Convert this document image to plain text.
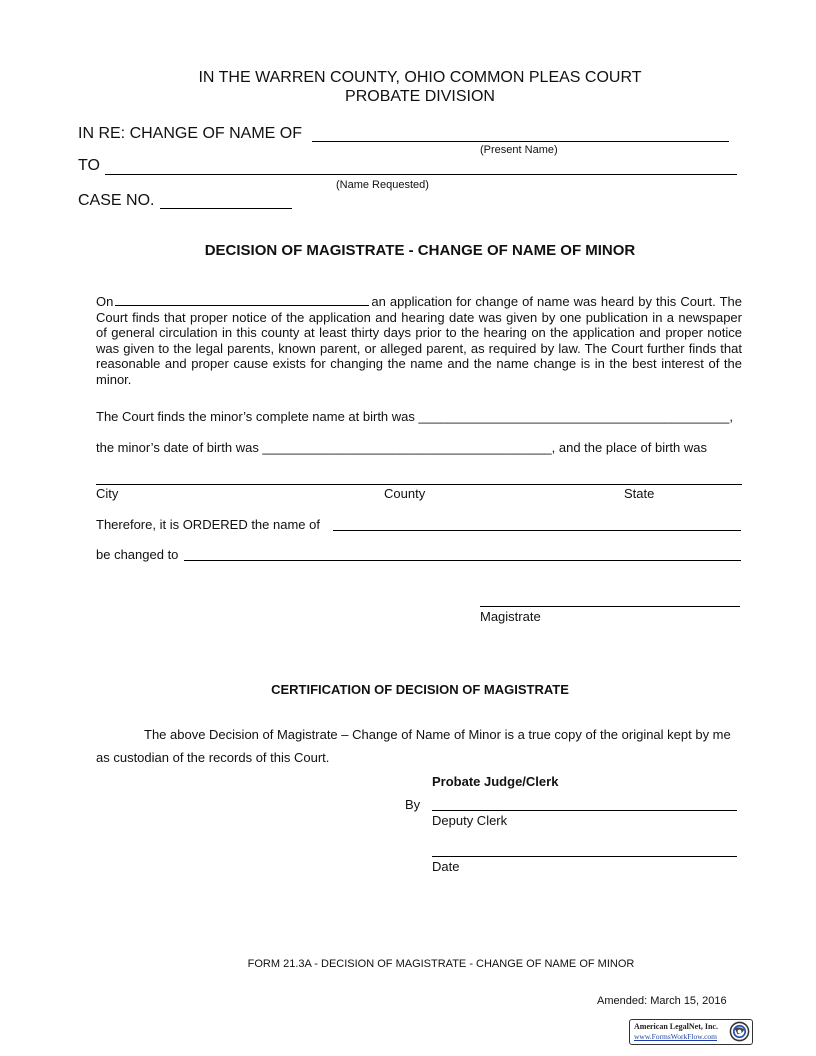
IN THE WARREN COUNTY, OHIO COMMON PLEAS COURT
PROBATE DIVISION
IN RE: CHANGE OF NAME OF
(Present Name)
TO
(Name Requested)
CASE NO.
DECISION OF MAGISTRATE - CHANGE OF NAME OF MINOR
On	an application for change of name was heard by this Court. The Court finds that proper notice of the application and hearing date was given by one publication in a newspaper of general circulation in this county at least thirty days prior to the hearing on the application and proper notice was given to the legal parents, known parent, or alleged parent, as required by law. The Court further finds that reasonable and proper cause exists for changing the name and the name change is in the best interest of the minor.
The Court finds the minor’s complete name at birth was ___________________________________________,
the minor’s date of birth was ________________________________________, and the place of birth was
City	County	State
Therefore, it is ORDERED the name of
be changed to
Magistrate
CERTIFICATION OF DECISION OF MAGISTRATE
The above Decision of Magistrate – Change of Name of Minor is a true copy of the original kept by me as custodian of the records of this Court.
Probate Judge/Clerk
By
Deputy Clerk
Date
FORM 21.3A - DECISION OF MAGISTRATE - CHANGE OF NAME OF MINOR
Amended: March 15, 2016
American LegalNet, Inc.
www.FormsWorkFlow.com
